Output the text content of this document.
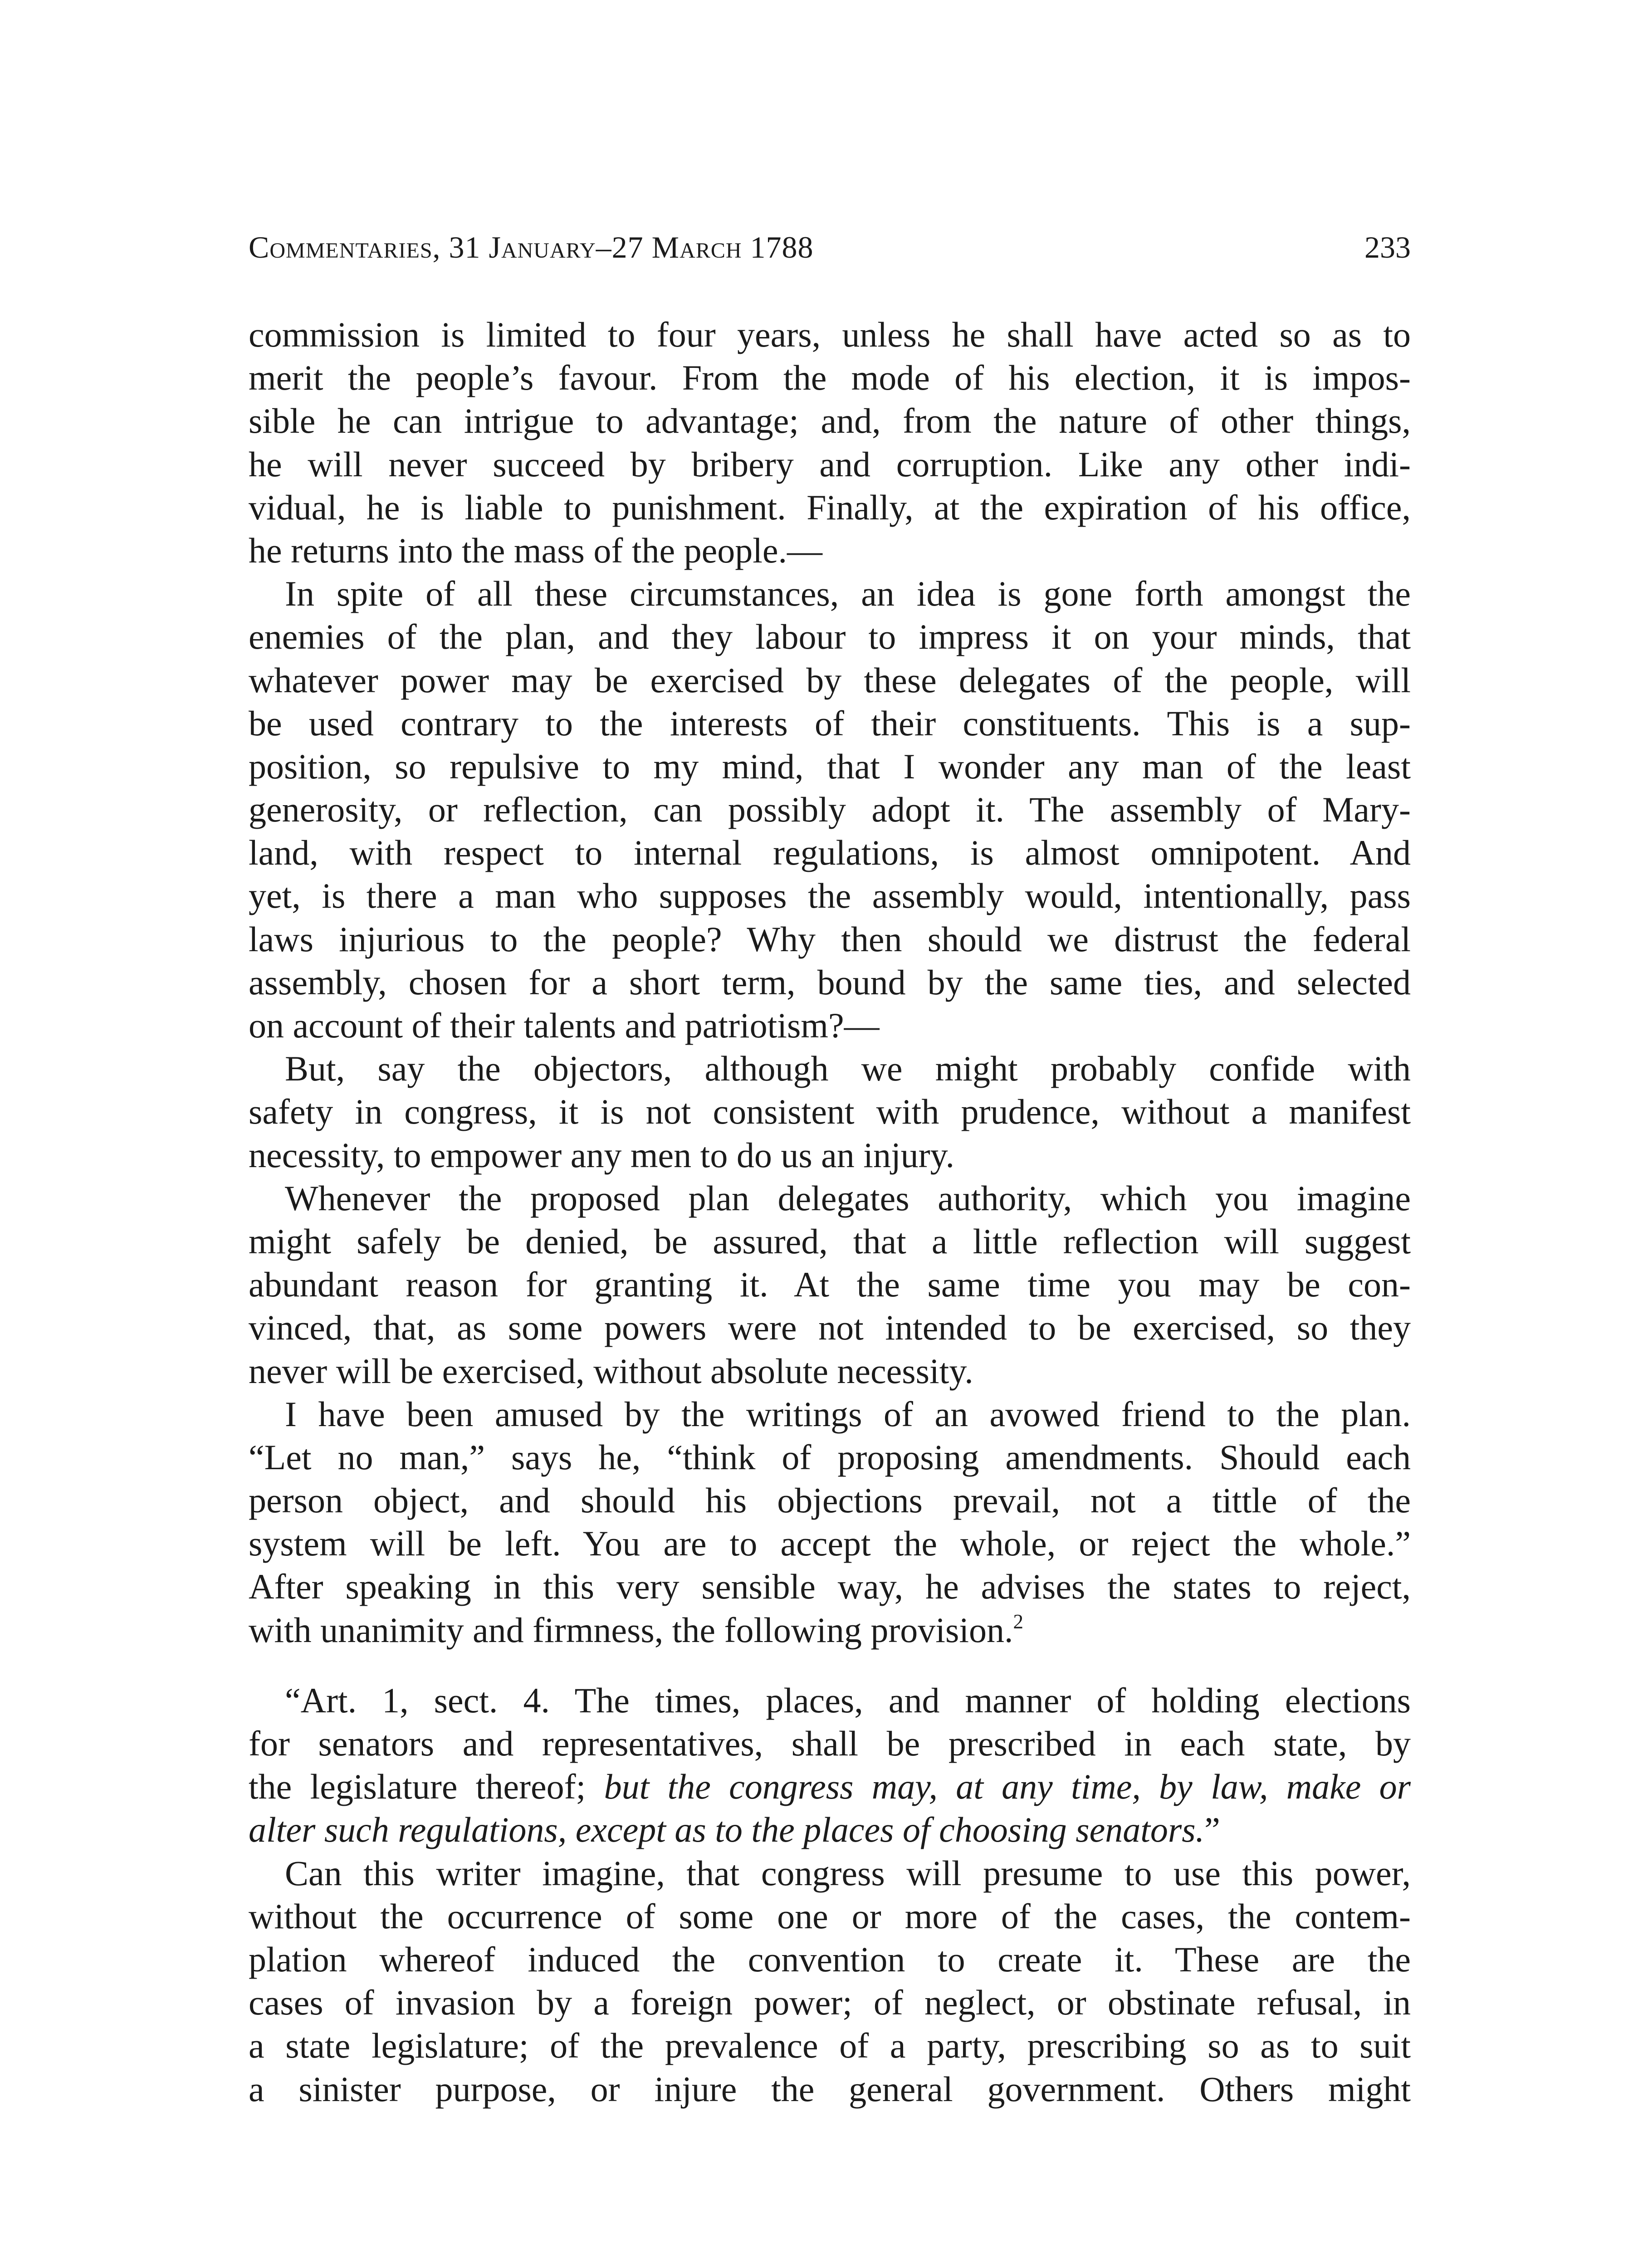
Commentaries, 31 January–27 March 1788	233
commission is limited to four years, unless he shall have acted so as to
merit the people’s favour. From the mode of his election, it is impos-
sible he can intrigue to advantage; and, from the nature of other things,
he will never succeed by bribery and corruption. Like any other indi-
vidual, he is liable to punishment. Finally, at the expiration of his office,
he returns into the mass of the people.—
In spite of all these circumstances, an idea is gone forth amongst the
enemies of the plan, and they labour to impress it on your minds, that
whatever power may be exercised by these delegates of the people, will
be used contrary to the interests of their constituents. This is a sup-
position, so repulsive to my mind, that I wonder any man of the least
generosity, or reflection, can possibly adopt it. The assembly of Mary-
land, with respect to internal regulations, is almost omnipotent. And
yet, is there a man who supposes the assembly would, intentionally, pass
laws injurious to the people? Why then should we distrust the federal
assembly, chosen for a short term, bound by the same ties, and selected
on account of their talents and patriotism?—
But, say the objectors, although we might probably confide with
safety in congress, it is not consistent with prudence, without a manifest
necessity, to empower any men to do us an injury.
Whenever the proposed plan delegates authority, which you imagine
might safely be denied, be assured, that a little reflection will suggest
abundant reason for granting it. At the same time you may be con-
vinced, that, as some powers were not intended to be exercised, so they
never will be exercised, without absolute necessity.
I have been amused by the writings of an avowed friend to the plan.
“Let no man,” says he, “think of proposing amendments. Should each
person object, and should his objections prevail, not a tittle of the
system will be left. You are to accept the whole, or reject the whole.”
After speaking in this very sensible way, he advises the states to reject,
with unanimity and firmness, the following provision.$^2$
“Art. 1, sect. 4. The times, places, and manner of holding elections
for senators and representatives, shall be prescribed in each state, by
the legislature thereof; but the congress may, at any time, by law, make or
alter such regulations, except as to the places of choosing senators.”
Can this writer imagine, that congress will presume to use this power,
without the occurrence of some one or more of the cases, the contem-
plation whereof induced the convention to create it. These are the
cases of invasion by a foreign power; of neglect, or obstinate refusal, in
a state legislature; of the prevalence of a party, prescribing so as to suit
a sinister purpose, or injure the general government. Others might
